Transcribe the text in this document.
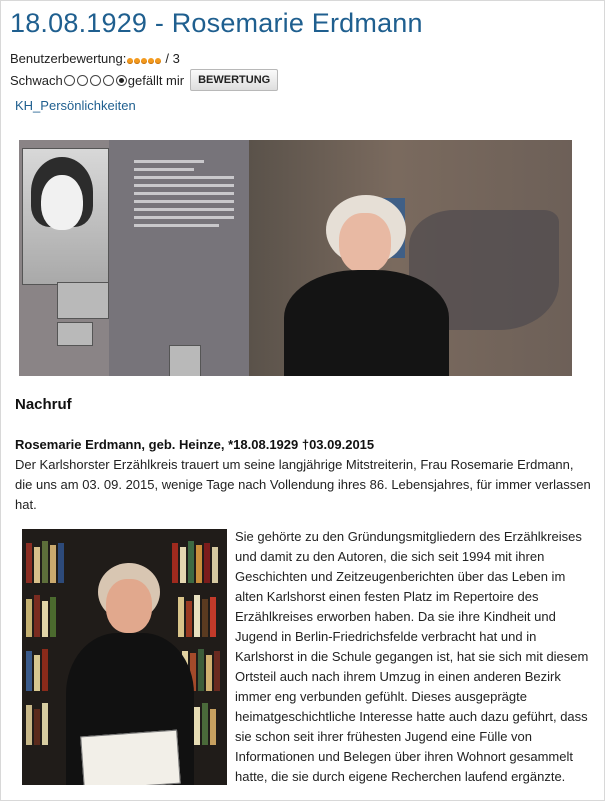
18.08.1929 - Rosemarie Erdmann
Benutzerbewertung:	/ 3
Schwach	gefällt mir	BEWERTUNG
KH_Persönlichkeiten
Nachruf

Rosemarie Erdmann, geb. Heinze, *18.08.1929 †03.09.2015

Der Karlshorster Erzählkreis trauert um seine langjährige Mitstreiterin, Frau Rosemarie Erdmann, die uns am 03. 09. 2015, wenige Tage nach Vollendung ihres 86. Lebensjahres, für immer verlassen hat.

Sie gehörte zu den Gründungsmitgliedern des Erzählkreises und damit zu den Autoren, die sich seit 1994 mit ihren Geschichten und Zeitzeugenberichten über das Leben im alten Karlshorst einen festen Platz im Repertoire des Erzählkreises erworben haben. Da sie ihre Kindheit und Jugend in Berlin-Friedrichsfelde verbracht hat und in Karlshorst in die Schule gegangen ist, hat sie sich mit diesem Ortsteil auch nach ihrem Umzug in einen anderen Bezirk immer eng verbunden gefühlt. Dieses ausgeprägte heimatgeschichtliche Interesse hatte auch dazu geführt, dass sie schon seit ihrer frühesten Jugend eine Fülle von Informationen und Belegen über ihren Wohnort gesammelt hatte, die sie durch eigene Recherchen laufend ergänzte.
